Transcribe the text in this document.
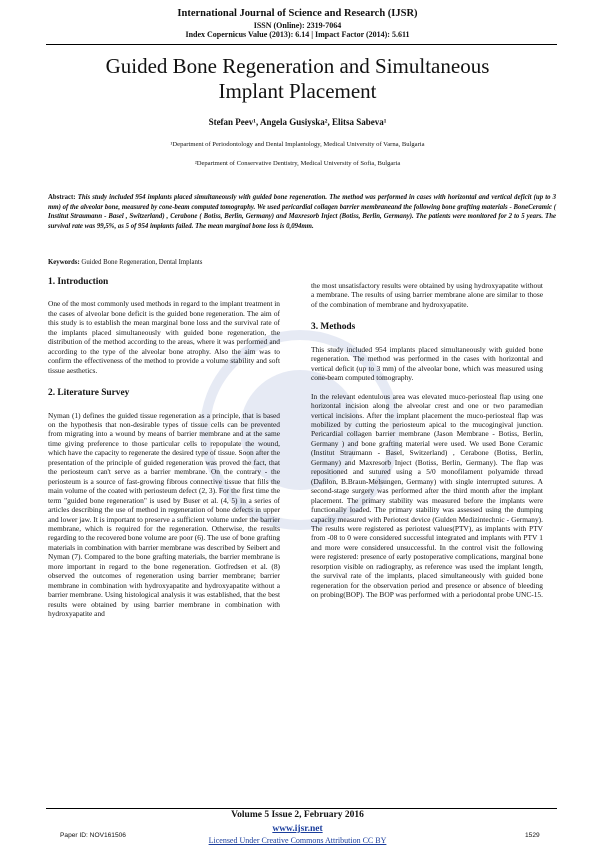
International Journal of Science and Research (IJSR)
ISSN (Online): 2319-7064
Index Copernicus Value (2013): 6.14 | Impact Factor (2014): 5.611
Guided Bone Regeneration and Simultaneous
Implant Placement
Stefan Peev¹, Angela Gusiyska², Elitsa Sabeva¹
¹Department of Periodontology and Dental Implantology, Medical University of Varna, Bulgaria
²Department of Conservative Dentistry, Medical University of Sofia, Bulgaria
Abstract: This study included 954 implants placed simultaneously with guided bone regeneration. The method was performed in cases with horizontal and vertical deficit (up to 3 mm) of the alveolar bone, measured by cone-beam computed tomography. We used pericardial collagen barrier membraneand the following bone grafting materials - BoneCeramic ( Institut Straumann - Basel , Switzerland) , Cerabone ( Botiss, Berlin, Germany) and Maxresorb Inject (Botiss, Berlin, Germany). The patients were monitored for 2 to 5 years. The survival rate was 99,5%, as 5 of 954 implants failed. The mean marginal bone loss is 0,094mm.
Keywords: Guided Bone Regeneration, Dental Implants
1. Introduction

One of the most commonly used methods in regard to the implant treatment in the cases of alveolar bone deficit is the guided bone regeneration. The aim of this study is to establish the mean marginal bone loss and the survival rate of the implants placed simultaneously with guided bone regeneration, the distribution of the method according to the areas, where it was performed and according to the type of the alveolar bone atrophy. Also the aim was to confirm the effectiveness of the method to provide a volume stability and soft tissue aesthetics.

2. Literature Survey

Nyman (1) defines the guided tissue regeneration as a principle, that is based on the hypothesis that non-desirable types of tissue cells can be prevented from migrating into a wound by means of barrier membrane and at the same time giving preference to those particular cells to repopulate the wound, which have the capacity to regenerate the desired type of tissue. Soon after the presentation of the principle of guided regeneration was proved the fact, that the periosteum can't serve as a barrier membrane. On the contrary - the periosteum is a source of fast-growing fibrous connective tissue that fills the main volume of the coated with periosteum defect (2, 3). For the first time the term "guided bone regeneration" is used by Buser et al. (4, 5) in a series of articles describing the use of method in regeneration of bone defects in upper and lower jaw. It is important to preserve a sufficient volume under the barrier membrane, which is required for the regeneration. Otherwise, the results regarding to the recovered bone volume are poor (6). The use of bone grafting materials in combination with barrier membrane was described by Seibert and Nyman (7). Compared to the bone grafting materials, the barrier membrane is more important in regard to the bone regeneration. Gotfredsen et al. (8) observed the outcomes of regeneration using barrier membrane; barrier membrane in combination with hydroxyapatite and hydroxyapatite without a barrier membrane. Using histological analysis it was established, that the best results were obtained by using barrier membrane in combination with hydroxyapatite and

the most unsatisfactory results were obtained by using hydroxyapatite without a membrane. The results of using barrier membrane alone are similar to those of the combination of membrane and hydroxyapatite.

3. Methods

This study included 954 implants placed simultaneously with guided bone regeneration. The method was performed in the cases with horizontal and vertical deficit (up to 3 mm) of the alveolar bone, which was measured using cone-beam computed tomography.

In the relevant edentulous area was elevated muco-periosteal flap using one horizontal incision along the alveolar crest and one or two paramedian vertical incisions. After the implant placement the muco-periosteal flap was mobilized by cutting the periosteum apical to the mucogingival junction. Pericardial collagen barrier membrane (Jason Membrane - Botiss, Berlin, Germany ) and bone grafting material were used. We used Bone Ceramic (Institut Straumann - Basel, Switzerland) , Cerabone (Botiss, Berlin, Germany) and Maxresorb Inject (Botiss, Berlin, Germany). The flap was repositioned and sutured using a 5/0 monofilament polyamide thread (Dafilon, B.Braun-Melsungen, Germany) with single interrupted sutures. A second-stage surgery was performed after the third month after the implant placement. The primary stability was measured before the implants were functionally loaded. The primary stability was assessed using the dumping capacity measured with Periotest device (Gulden Medizintechnic - Germany). The results were registered as periotest values(PTV), as implants with PTV from -08 to 0 were considered successful integrated and implants with PTV 1 and more were considered unsuccessful. In the control visit the following were registered: presence of early postoperative complications, marginal bone resorption visible on radiography, as reference was used the implant length, the survival rate of the implants, placed simultaneously with guided bone regeneration for the observation period and presence or absence of bleeding on probing(BOP). The BOP was performed with a periodontal probe UNC-15.

Volume 5 Issue 2, February 2016
www.ijsr.net
Licensed Under Creative Commons Attribution CC BY
Paper ID: NOV161506	1529
